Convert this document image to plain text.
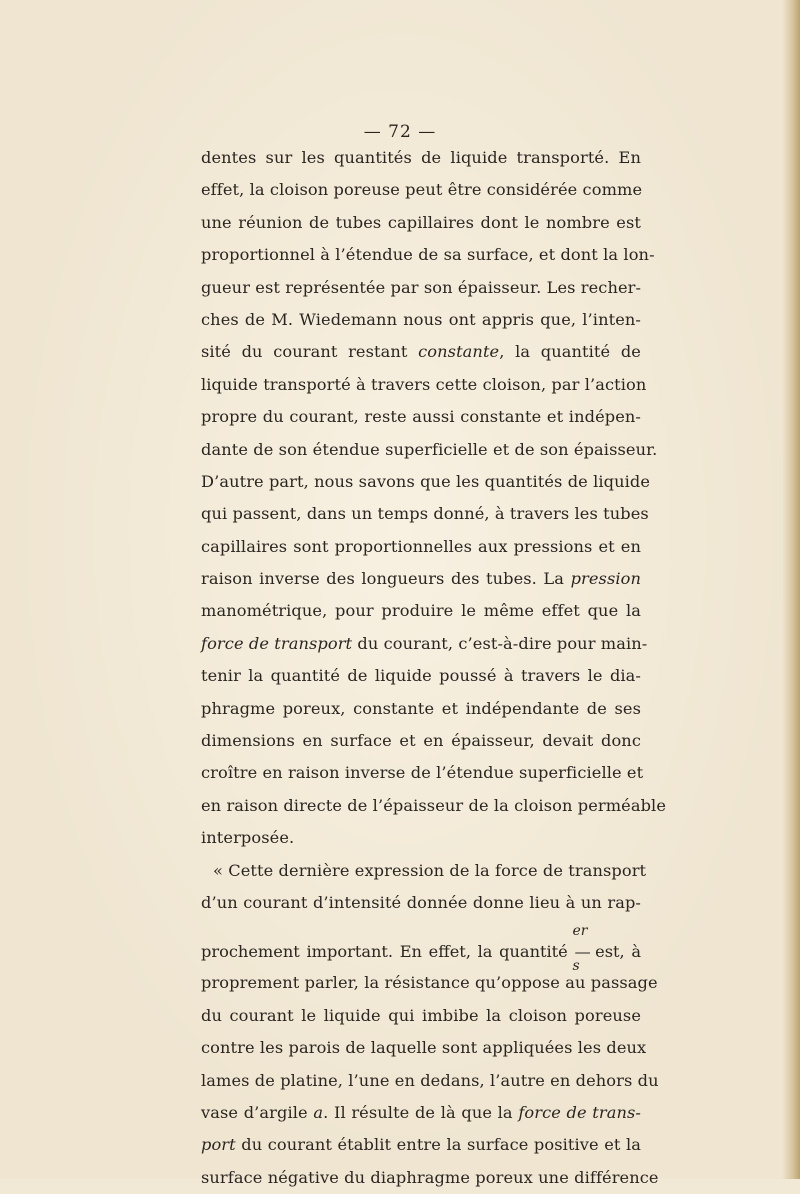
— 72 —
dentes sur les quantités de liquide transporté. En
effet, la cloison poreuse peut être considérée comme
une réunion de tubes capillaires dont le nombre est
proportionnel à l’étendue de sa surface, et dont la lon-
gueur est représentée par son épaisseur. Les recher-
ches de M. Wiedemann nous ont appris que, l’inten-
sité du courant restant constante, la quantité de
liquide transporté à travers cette cloison, par l’action
propre du courant, reste aussi constante et indépen-
dante de son étendue superficielle et de son épaisseur.
D’autre part, nous savons que les quantités de liquide
qui passent, dans un temps donné, à travers les tubes
capillaires sont proportionnelles aux pressions et en
raison inverse des longueurs des tubes. La pression
manométrique, pour produire le même effet que la
force de transport du courant, c’est-à-dire pour main-
tenir la quantité de liquide poussé à travers le dia-
phragme poreux, constante et indépendante de ses
dimensions en surface et en épaisseur, devait donc
croître en raison inverse de l’étendue superficielle et
en raison directe de l’épaisseur de la cloison perméable
interposée.
« Cette dernière expression de la force de transport
d’un courant d’intensité donnée donne lieu à un rap-
prochement important. En effet, la quantité
er
—
s
est, à
proprement parler, la résistance qu’oppose au passage
du courant le liquide qui imbibe la cloison poreuse
contre les parois de laquelle sont appliquées les deux
lames de platine, l’une en dedans, l’autre en dehors du
vase d’argile a. Il résulte de là que la force de trans-
port du courant établit entre la surface positive et la
surface négative du diaphragme poreux une différence
